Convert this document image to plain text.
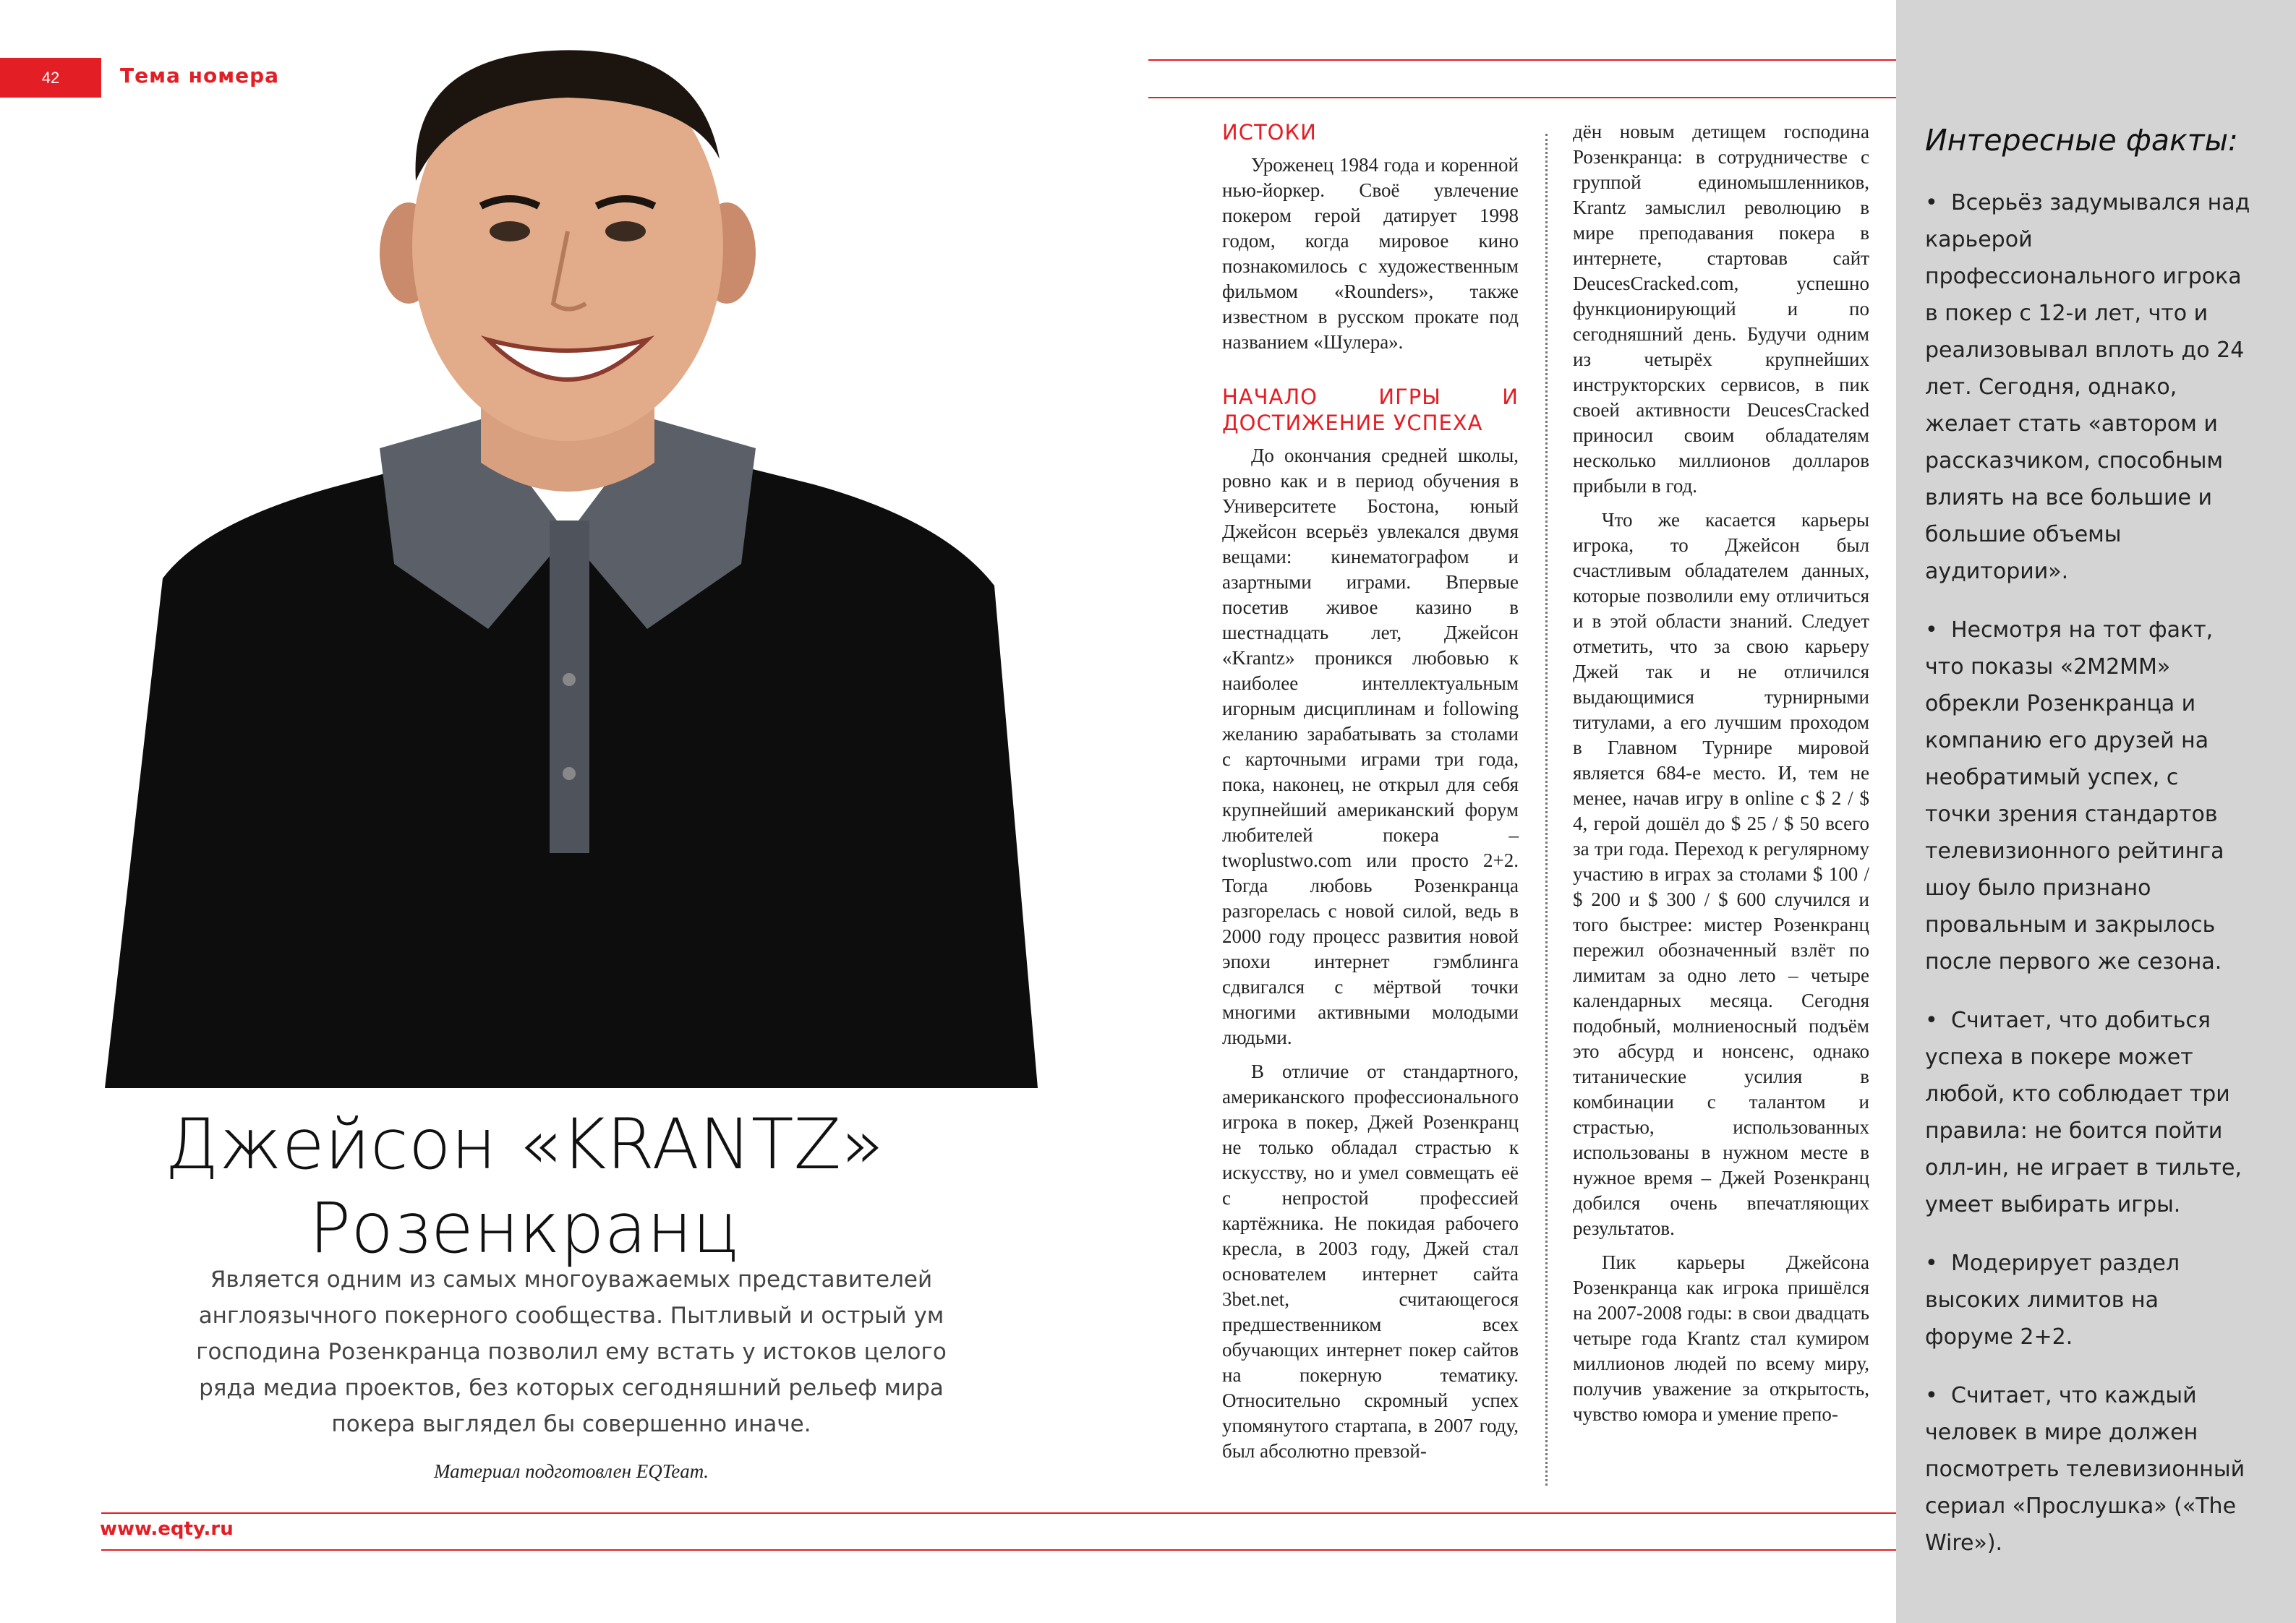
42	Тема номера
Джейсон «KRANTZ»
Розенкранц
Является одним из самых многоуважаемых представителей англоязычного покерного сообщества. Пытливый и острый ум господина Розенкранца позволил ему встать у истоков целого ряда медиа проектов, без которых сегодняшний рельеф мира покера выглядел бы совершенно иначе.
Материал подготовлен EQTeam.
ИСТОКИ

Уроженец 1984 года и коренной нью-йоркер. Своё увлечение покером герой датирует 1998 годом, когда мировое кино познакомилось с художественным фильмом «Rounders», также известном в русском прокате под названием «Шулера».

НАЧАЛО ИГРЫ И ДОСТИЖЕНИЕ УСПЕХА

До окончания средней школы, ровно как и в период обучения в Университете Бостона, юный Джейсон всерьёз увлекался двумя вещами: кинематографом и азартными играми. Впервые посетив живое казино в шестнадцать лет, Джейсон «Krantz» проникся любовью к наиболее интеллектуальным игорным дисциплинам и following желанию зарабатывать за столами с карточными играми три года, пока, наконец, не открыл для себя крупнейший американский форум любителей покера – twoplustwo.com или просто 2+2. Тогда любовь Розенкранца разгорелась с новой силой, ведь в 2000 году процесс развития новой эпохи интернет гэмблинга сдвигался с мёртвой точки многими активными молодыми людьми.

В отличие от стандартного, американского профессионального игрока в покер, Джей Розенкранц не только обладал страстью к искусству, но и умел совмещать её с непростой профессией картёжника. Не покидая рабочего кресла, в 2003 году, Джей стал основателем интернет сайта 3bet.net, считающегося предшественником всех обучающих интернет покер сайтов на покерную тематику. Относительно скромный успех упомянутого стартапа, в 2007 году, был абсолютно превзой-

дён новым детищем господина Розенкранца: в сотрудничестве с группой единомышленников, Krantz замыслил революцию в мире преподавания покера в интернете, стартовав сайт DeucesCracked.com, успешно функционирующий и по сегодняшний день. Будучи одним из четырёх крупнейших инструкторских сервисов, в пик своей активности DeucesCracked приносил своим обладателям несколько миллионов долларов прибыли в год.

Что же касается карьеры игрока, то Джейсон был счастливым обладателем данных, которые позволили ему отличиться и в этой области знаний. Следует отметить, что за свою карьеру Джей так и не отличился выдающимися турнирными титулами, а его лучшим проходом в Главном Турнире мировой является 684-е место. И, тем не менее, начав игру в online с $ 2 / $ 4, герой дошёл до $ 25 / $ 50 всего за три года. Переход к регулярному участию в играх за столами $ 100 / $ 200 и $ 300 / $ 600 случился и того быстрее: мистер Розенкранц пережил обозначенный взлёт по лимитам за одно лето – четыре календарных месяца. Сегодня подобный, молниеносный подъём это абсурд и нонсенс, однако титанические усилия в комбинации с талантом и страстью, использованных использованы в нужном месте в нужное время – Джей Розенкранц добился очень впечатляющих результатов.

Пик карьеры Джейсона Розенкранца как игрока пришёлся на 2007-2008 годы: в свои двадцать четыре года Krantz стал кумиром миллионов людей по всему миру, получив уважение за открытость, чувство юмора и умение препо-

Интересные факты:
• Всерьёз задумывался над карьерой профессионального игрока в покер с 12-и лет, что и реализовывал вплоть до 24 лет. Сегодня, однако, желает стать «автором и рассказчиком, способным влиять на все большие и большие объемы аудитории».
• Несмотря на тот факт, что показы «2M2MM» обрекли Розенкранца и компанию его друзей на необратимый успех, с точки зрения стандартов телевизионного рейтинга шоу было признано провальным и закрылось после первого же сезона.
• Считает, что добиться успеха в покере может любой, кто соблюдает три правила: не боится пойти олл-ин, не играет в тильте, умеет выбирать игры.
• Модерирует раздел высоких лимитов на форуме 2+2.
• Считает, что каждый человек в мире должен посмотреть телевизионный сериал «Прослушка» («The Wire»).
www.eqty.ru
